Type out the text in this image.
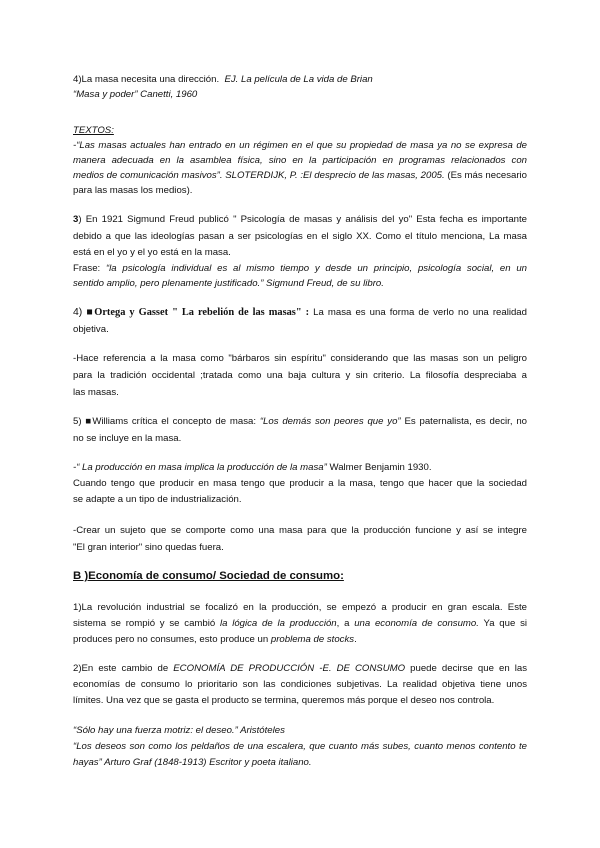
4)La masa necesita una dirección. EJ. La película de La vida de Brian
“Masa y poder” Canetti, 1960
TEXTOS:
-“Las masas actuales han entrado en un régimen en el que su propiedad de masa ya no se expresa de
manera adecuada en la asamblea física, sino en la participación en programas relacionados con
medios de comunicación masivos”. SLOTERDIJK, P. :El desprecio de las masas, 2005. (Es más necesario
para las masas los medios).
3) En 1921 Sigmund Freud publicó " Psicología de masas y análisis del yo" Esta fecha es importante
debido a que las ideologías pasan a ser psicologías en el siglo XX. Como el título menciona, La masa
está en el yo y el yo está en la masa.
Frase: “la psicología individual es al mismo tiempo y desde un principio, psicología social, en un
sentido amplio, pero plenamente justificado.” Sigmund Freud, de su libro.
4) ■Ortega y Gasset " La rebelión de las masas" : La masa es una forma de verlo no una realidad
objetiva.
-Hace referencia a la masa como "bárbaros sin espíritu" considerando que las masas son un peligro
para la tradición occidental ;tratada como una baja cultura y sin criterio. La filosofía despreciaba a
las masas.
5) ■Williams crítica el concepto de masa: “Los demás son peores que yo” Es paternalista, es decir, no
no se incluye en la masa.
-“ La producción en masa implica la producción de la masa” Walmer Benjamin 1930.
Cuando tengo que producir en masa tengo que producir a la masa, tengo que hacer que la sociedad
se adapte a un tipo de industrialización.
-Crear un sujeto que se comporte como una masa para que la producción funcione y así se integre
"El gran interior" sino quedas fuera.
B )Economía de consumo/ Sociedad de consumo:
1)La revolución industrial se focalizó en la producción, se empezó a producir en gran escala. Este
sistema se rompió y se cambió la lógica de la producción, a una economía de consumo. Ya que si
produces pero no consumes, esto produce un problema de stocks.
2)En este cambio de ECONOMÍA DE PRODUCCIÓN -E. DE CONSUMO puede decirse que en las
economías de consumo lo prioritario son las condiciones subjetivas. La realidad objetiva tiene unos
límites. Una vez que se gasta el producto se termina, queremos más porque el deseo nos controla.
“Sólo hay una fuerza motriz: el deseo.” Aristóteles
“Los deseos son como los peldaños de una escalera, que cuanto más subes, cuanto menos contento te
hayas” Arturo Graf (1848-1913) Escritor y poeta italiano.
